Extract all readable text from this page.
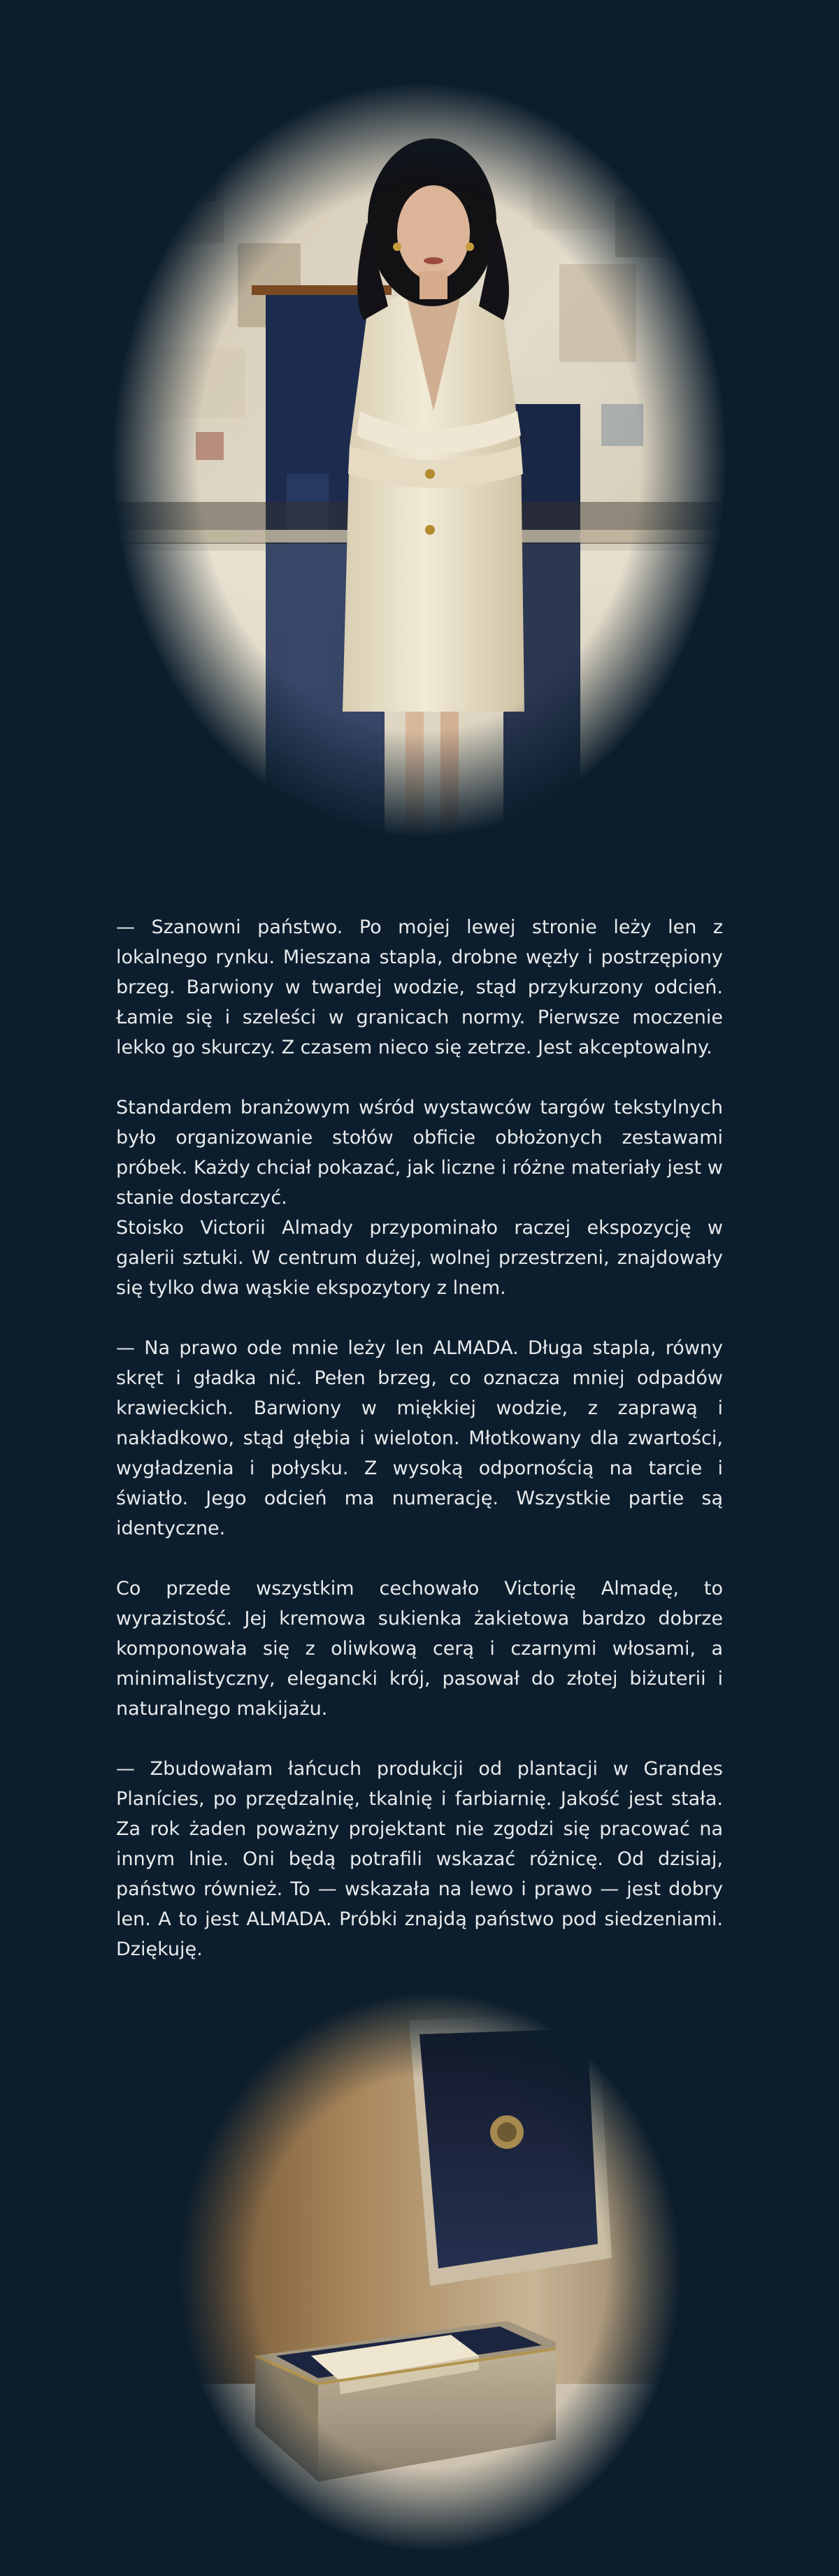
— Szanowni państwo. Po mojej lewej stronie leży len z lokalnego rynku. Mieszana stapla, drobne węzły i postrzępiony brzeg. Barwiony w twardej wodzie, stąd przykurzony odcień. Łamie się i szeleści w granicach normy. Pierwsze moczenie lekko go skurczy. Z czasem nieco się zetrze. Jest akceptowalny.

Standardem branżowym wśród wystawców targów tekstylnych było organizowanie stołów obficie obłożonych zestawami próbek. Każdy chciał pokazać, jak liczne i różne materiały jest w stanie dostarczyć.

Stoisko Victorii Almady przypominało raczej ekspozycję w galerii sztuki. W centrum dużej, wolnej przestrzeni, znajdowały się tylko dwa wąskie ekspozytory z lnem.

— Na prawo ode mnie leży len ALMADA. Długa stapla, równy skręt i gładka nić. Pełen brzeg, co oznacza mniej odpadów krawieckich. Barwiony w miękkiej wodzie, z zaprawą i nakładkowo, stąd głębia i wieloton. Młotkowany dla zwartości, wygładzenia i połysku. Z wysoką odpornością na tarcie i światło. Jego odcień ma numerację. Wszystkie partie są identyczne.

Co przede wszystkim cechowało Victorię Almadę, to wyrazistość. Jej kremowa sukienka żakietowa bardzo dobrze komponowała się z oliwkową cerą i czarnymi włosami, a minimalistyczny, elegancki krój, pasował do złotej biżuterii i naturalnego makijażu.

— Zbudowałam łańcuch produkcji od plantacji w Grandes Planícies, po przędzalnię, tkalnię i farbiarnię. Jakość jest stała. Za rok żaden poważny projektant nie zgodzi się pracować na innym lnie. Oni będą potrafili wskazać różnicę. Od dzisiaj, państwo również. To — wskazała na lewo i prawo — jest dobry len. A to jest ALMADA. Próbki znajdą państwo pod siedzeniami. Dziękuję.
